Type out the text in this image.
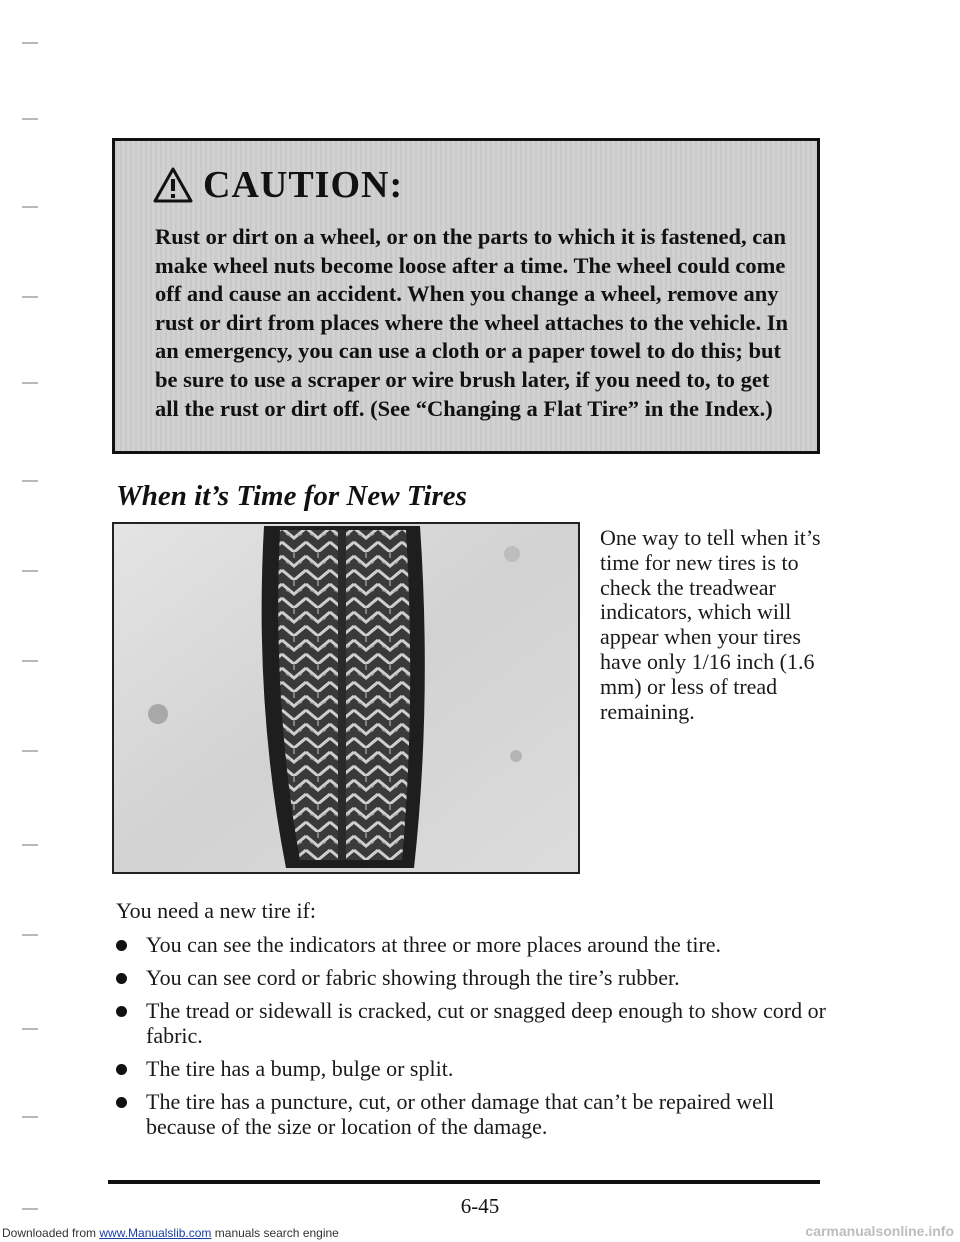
CAUTION:
Rust or dirt on a wheel, or on the parts to which it is fastened, can make wheel nuts become loose after a time. The wheel could come off and cause an accident. When you change a wheel, remove any rust or dirt from places where the wheel attaches to the vehicle. In an emergency, you can use a cloth or a paper towel to do this; but be sure to use a scraper or wire brush later, if you need to, to get all the rust or dirt off. (See “Changing a Flat Tire” in the Index.)
When it’s Time for New Tires
One way to tell when it’s time for new tires is to check the treadwear indicators, which will appear when your tires have only 1/16 inch (1.6 mm) or less of tread remaining.
You need a new tire if:
You can see the indicators at three or more places around the tire.
You can see cord or fabric showing through the tire’s rubber.
The tread or sidewall is cracked, cut or snagged deep enough to show cord or fabric.
The tire has a bump, bulge or split.
The tire has a puncture, cut, or other damage that can’t be repaired well because of the size or location of the damage.
6-45
Downloaded from www.Manualslib.com manuals search engine	carmanualsonline.info
